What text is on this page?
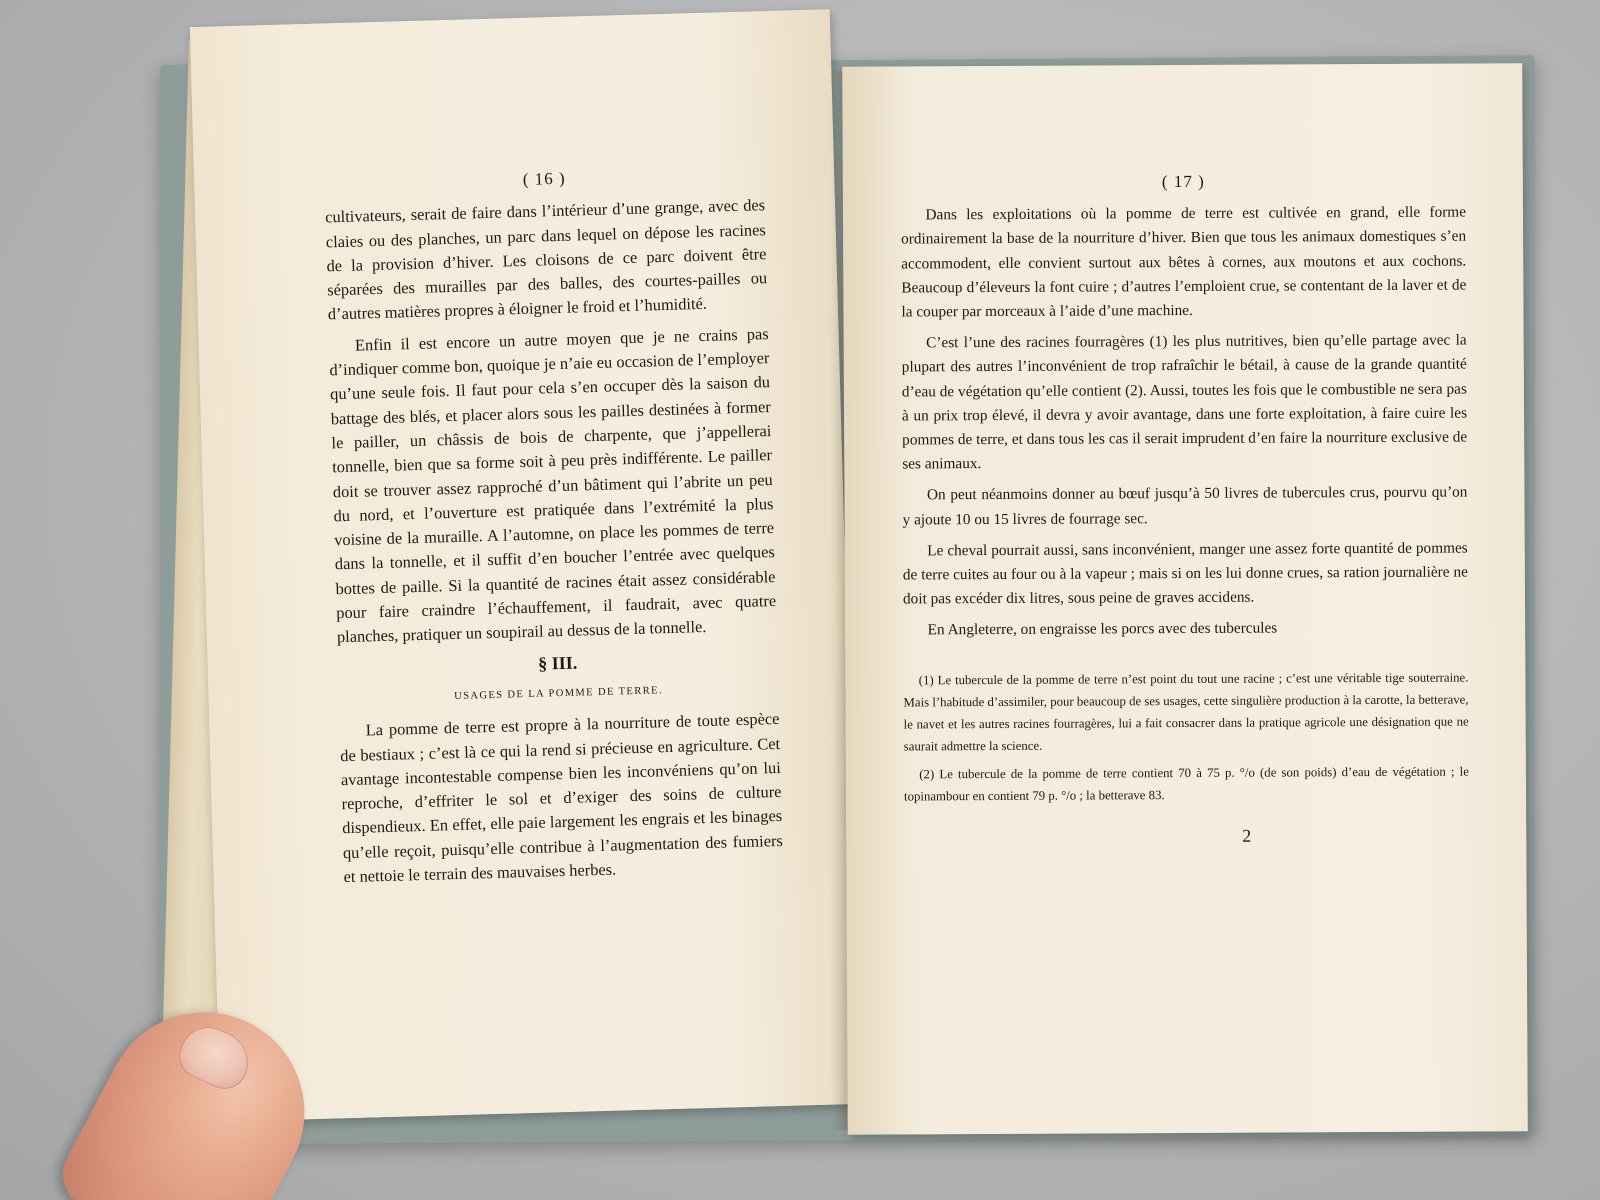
( 16 )

cultivateurs, serait de faire dans l’intérieur d’une grange, avec des claies ou des planches, un parc dans lequel on dépose les racines de la provision d’hiver. Les cloisons de ce parc doivent être séparées des murailles par des balles, des courtes-pailles ou d’autres matières propres à éloigner le froid et l’humidité.

Enfin il est encore un autre moyen que je ne crains pas d’indiquer comme bon, quoique je n’aie eu occasion de l’employer qu’une seule fois. Il faut pour cela s’en occuper dès la saison du battage des blés, et placer alors sous les pailles destinées à former le pailler, un châssis de bois de charpente, que j’appellerai tonnelle, bien que sa forme soit à peu près indifférente. Le pailler doit se trouver assez rapproché d’un bâtiment qui l’abrite un peu du nord, et l’ouverture est pratiquée dans l’extrémité la plus voisine de la muraille. A l’automne, on place les pommes de terre dans la tonnelle, et il suffit d’en boucher l’entrée avec quelques bottes de paille. Si la quantité de racines était assez considérable pour faire craindre l’échauffement, il faudrait, avec quatre planches, pratiquer un soupirail au dessus de la tonnelle.

§ III.

USAGES DE LA POMME DE TERRE.

La pomme de terre est propre à la nourriture de toute espèce de bestiaux ; c’est là ce qui la rend si précieuse en agriculture. Cet avantage incontestable compense bien les inconvéniens qu’on lui reproche, d’effriter le sol et d’exiger des soins de culture dispendieux. En effet, elle paie largement les engrais et les binages qu’elle reçoit, puisqu’elle contribue à l’augmentation des fumiers et nettoie le terrain des mauvaises herbes.

( 17 )

Dans les exploitations où la pomme de terre est cultivée en grand, elle forme ordinairement la base de la nourriture d’hiver. Bien que tous les animaux domestiques s’en accommodent, elle convient surtout aux bêtes à cornes, aux moutons et aux cochons. Beaucoup d’éleveurs la font cuire ; d’autres l’emploient crue, se contentant de la laver et de la couper par morceaux à l’aide d’une machine.

C’est l’une des racines fourragères (1) les plus nutritives, bien qu’elle partage avec la plupart des autres l’inconvénient de trop rafraîchir le bétail, à cause de la grande quantité d’eau de végétation qu’elle contient (2). Aussi, toutes les fois que le combustible ne sera pas à un prix trop élevé, il devra y avoir avantage, dans une forte exploitation, à faire cuire les pommes de terre, et dans tous les cas il serait imprudent d’en faire la nourriture exclusive de ses animaux.

On peut néanmoins donner au bœuf jusqu’à 50 livres de tubercules crus, pourvu qu’on y ajoute 10 ou 15 livres de fourrage sec.

Le cheval pourrait aussi, sans inconvénient, manger une assez forte quantité de pommes de terre cuites au four ou à la vapeur ; mais si on les lui donne crues, sa ration journalière ne doit pas excéder dix litres, sous peine de graves accidens.

En Angleterre, on engraisse les porcs avec des tubercules

(1) Le tubercule de la pomme de terre n’est point du tout une racine ; c’est une véritable tige souterraine. Mais l’habitude d’assimiler, pour beaucoup de ses usages, cette singulière production à la carotte, la betterave, le navet et les autres racines fourragères, lui a fait consacrer dans la pratique agricole une désignation que ne saurait admettre la science.

(2) Le tubercule de la pomme de terre contient 70 à 75 p. °/o (de son poids) d’eau de végétation ; le topinambour en contient 79 p. °/o ; la betterave 83.

2
